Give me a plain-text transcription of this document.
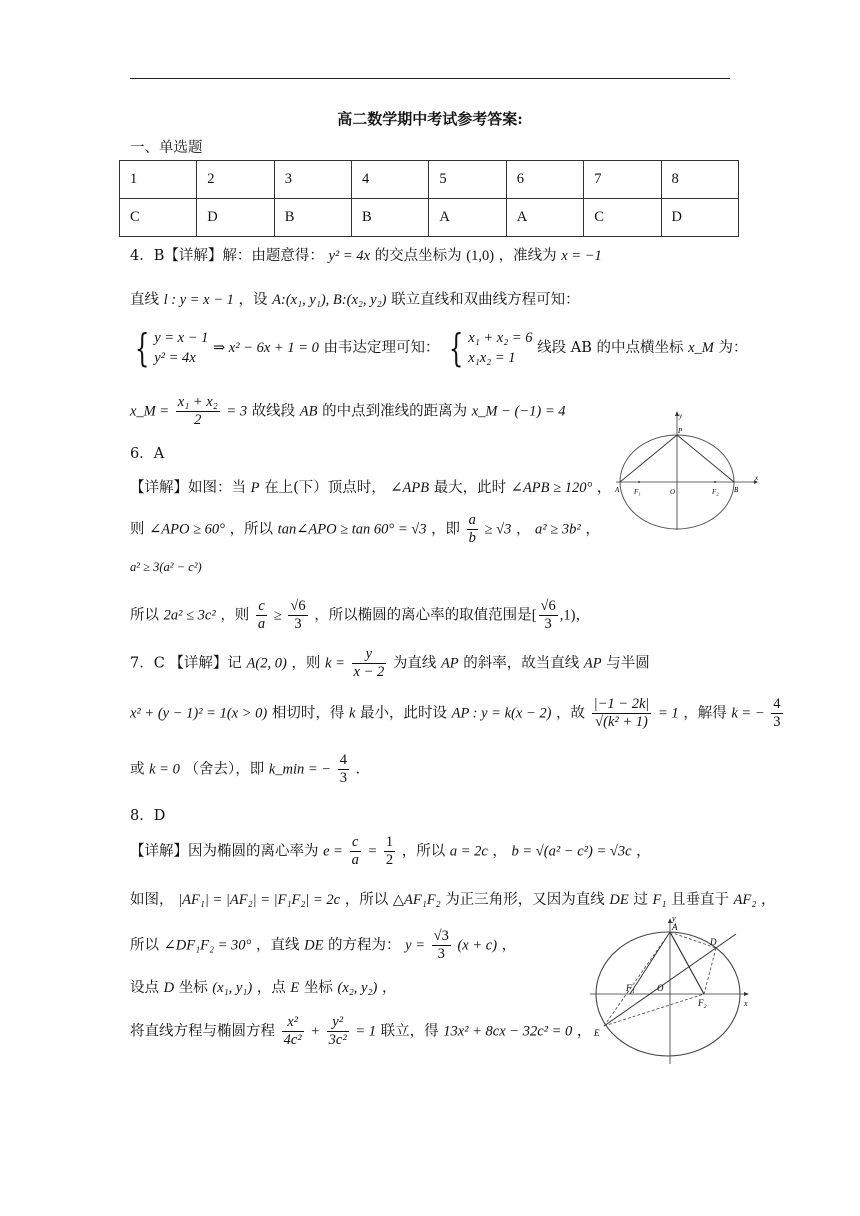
高二数学期中考试参考答案:
一、单选题
1	2	3	4	5	6	7	8
C	D	B	B	A	A	C	D
4．B【详解】解：由题意得： y² = 4x 的交点坐标为 (1,0) ，准线为 x = −1
直线 l : y = x − 1 ，设 A:(x₁, y₁), B:(x₂, y₂) 联立直线和双曲线方程可知：
{ y = x − 1
y² = 4x
⇒ x² − 6x + 1 = 0 由韦达定理可知： { x₁ + x₂ = 6
x₁x₂ = 1
线段 AB 的中点横坐标 x_M 为：
x_M = $\frac{\text{x₁ + x₂}}{2} = 3$ 故线段 AB 的中点到准线的距离为 x_M − (−1) = 4
6．A
【详解】如图：当 P 在上(下）顶点时， ∠APB 最大，此时 ∠APB ≥ 120° ，
则 ∠APO ≥ 60° ，所以 tan∠APO ≥ tan 60° = √3 ，即 $\frac{a}{b} \ge √3$ ， a² ≥ 3b² ，
a² ≥ 3(a² − c²)
所以 2a² ≤ 3c² ，则 $\frac{c}{a} \ge \frac{√6}{3}$ ，所以椭圆的离心率的取值范围是[ $\frac{√6}{3} ,1$)，
y
x
P
A F₁	O	F₂ B
7．C 【详解】记 A(2, 0) ，则 $k = \frac{y}{x - 2}$ 为直线 AP 的斜率，故当直线 AP 与半圆
x² + (y − 1)² = 1(x > 0) 相切时，得 k 最小，此时设 AP : y = k(x − 2) ，故 $\frac{|-1 - 2k|}{\text{√(k² + 1)}} = 1$ ，解得 k = − $\frac{4}{3}$
或 k = 0 （舍去），即 k_min = − $\frac{4}{3}$ .
8．D
【详解】因为椭圆的离心率为 $e = \frac{c}{a} = \frac{1}{2}$ ，所以 a = 2c ， b = √(a² − c²) = √3c ，
如图， |AF₁| = |AF₂| = |F₁F₂| = 2c ，所以 △AF₁F₂ 为正三角形，又因为直线 DE 过 F₁ 且垂直于 AF₂ ，
所以 ∠DF₁F₂ = 30° ，直线 DE 的方程为： $y = \frac{√3}{3} (x + c)$ ，
设点 D 坐标 (x₁, y₁) ，点 E 坐标 (x₂, y₂) ，
将直线方程与椭圆方程 $\frac{\text{x²}}{\text{4c²}} + \frac{\text{y²}}{\text{3c²}} = 1$ 联立，得 13x² + 8cx − 32c² = 0 ，
y
x
A
D
F₁ O
F₂
E
